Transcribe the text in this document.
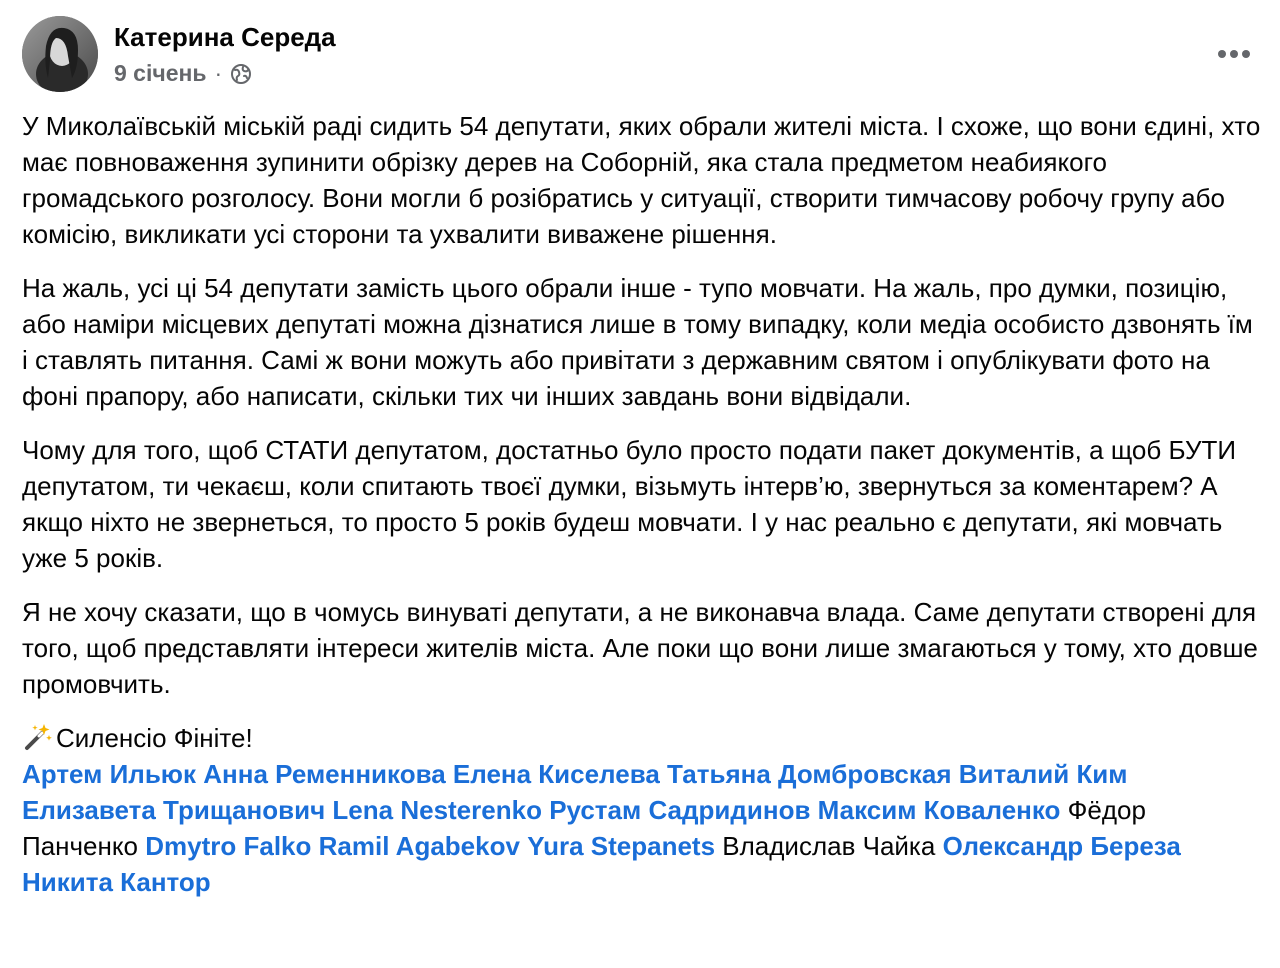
Катерина Середа
9 січень ·

У Миколаївській міській раді сидить 54 депутати, яких обрали жителі міста. І схоже, що вони єдині, хто має повноваження зупинити обрізку дерев на Соборній, яка стала предметом неабиякого громадського розголосу. Вони могли б розібратись у ситуації, створити тимчасову робочу групу або комісію, викликати усі сторони та ухвалити виважене рішення.

На жаль, усі ці 54 депутати замість цього обрали інше - тупо мовчати. На жаль, про думки, позицію, або наміри місцевих депутаті можна дізнатися лише в тому випадку, коли медіа особисто дзвонять їм і ставлять питання. Самі ж вони можуть або привітати з державним святом і опублікувати фото на фоні прапору, або написати, скільки тих чи інших завдань вони відвідали.

Чому для того, щоб СТАТИ депутатом, достатньо було просто подати пакет документів, а щоб БУТИ депутатом, ти чекаєш, коли спитають твоєї думки, візьмуть інтерв’ю, звернуться за коментарем? А якщо ніхто не звернеться, то просто 5 років будеш мовчати. І у нас реально є депутати, які мовчать уже 5 років.

Я не хочу сказати, що в чомусь винуваті депутати, а не виконавча влада. Саме депутати створені для того, щоб представляти інтереси жителів міста. Але поки що вони лише змагаються у тому, хто довше промовчить.

Силенсіо Фініте!
Артем Ильюк Анна Ременникова Елена Киселева Татьяна Домбровская Виталий Ким Елизавета Трищанович Lena Nesterenko Рустам Садридинов Максим Коваленко Фёдор Панченко Dmytro Falko Ramil Agabekov Yura Stepanets Владислав Чайка Олександр Береза Никита Кантор
